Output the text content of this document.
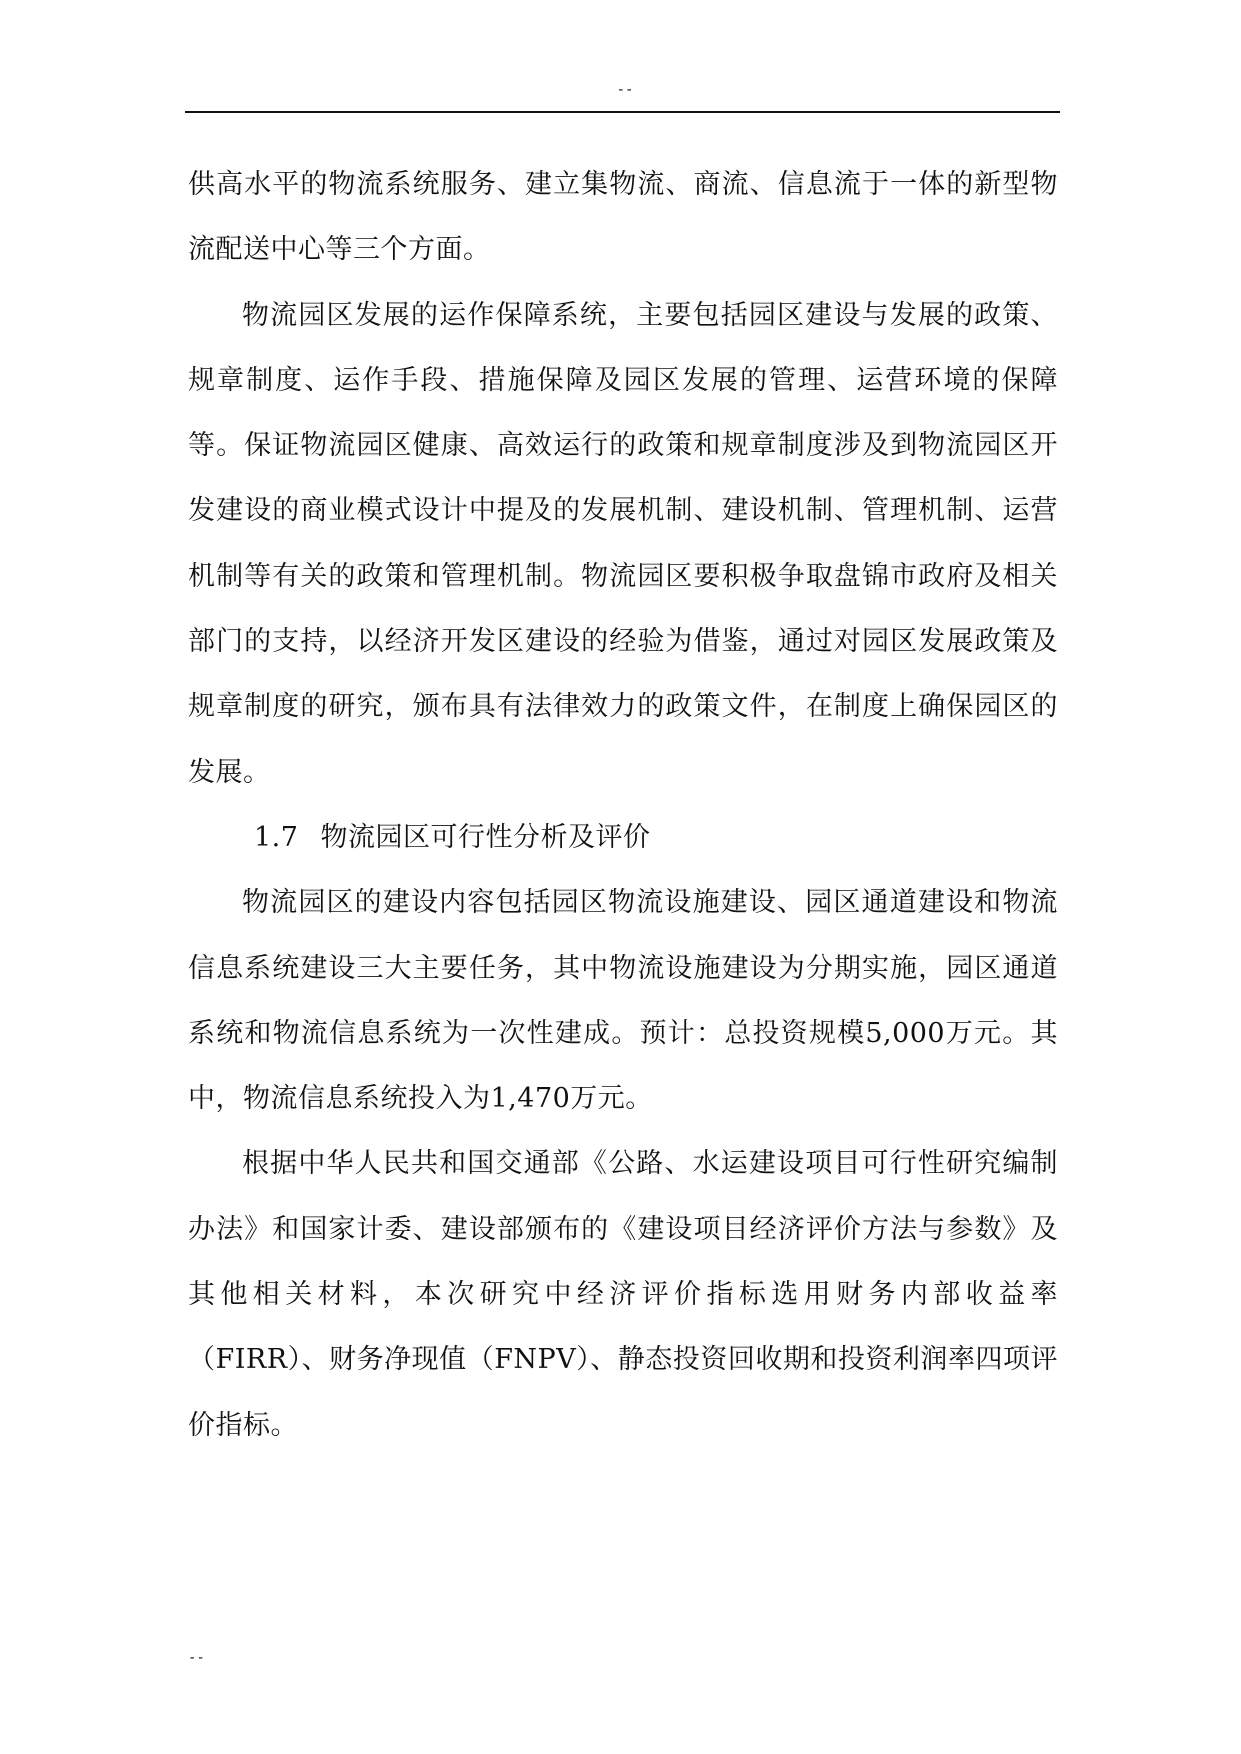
--

供高水平的物流系统服务、建立集物流、商流、信息流于一体的新型物流配送中心等三个方面。

物流园区发展的运作保障系统，主要包括园区建设与发展的政策、规章制度、运作手段、措施保障及园区发展的管理、运营环境的保障等。保证物流园区健康、高效运行的政策和规章制度涉及到物流园区开发建设的商业模式设计中提及的发展机制、建设机制、管理机制、运营机制等有关的政策和管理机制。物流园区要积极争取盘锦市政府及相关部门的支持，以经济开发区建设的经验为借鉴，通过对园区发展政策及规章制度的研究，颁布具有法律效力的政策文件，在制度上确保园区的发展。

1.7 物流园区可行性分析及评价

物流园区的建设内容包括园区物流设施建设、园区通道建设和物流信息系统建设三大主要任务，其中物流设施建设为分期实施，园区通道系统和物流信息系统为一次性建成。预计：总投资规模5,000万元。其中，物流信息系统投入为1,470万元。

根据中华人民共和国交通部《公路、水运建设项目可行性研究编制办法》和国家计委、建设部颁布的《建设项目经济评价方法与参数》及其他相关材料，本次研究中经济评价指标选用财务内部收益率（FIRR）、财务净现值（FNPV）、静态投资回收期和投资利润率四项评价指标。

--
